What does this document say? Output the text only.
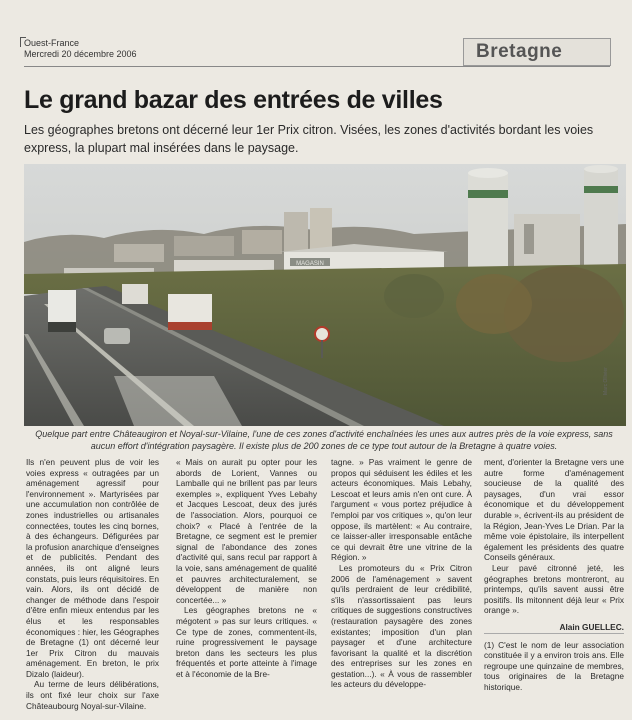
Ouest-France
Mercredi 20 décembre 2006	Bretagne
Le grand bazar des entrées de villes

Les géographes bretons ont décerné leur 1er Prix citron. Visées, les zones d'activités bordant les voies express, la plupart mal insérées dans le paysage.

MAGASIN
Marc Ollivier

Quelque part entre Châteaugiron et Noyal-sur-Vilaine, l'une de ces zones d'activité enchaînées les unes aux autres près de la voie express, sans aucun effort d'intégration paysagère. Il existe plus de 200 zones de ce type tout autour de la Bretagne à quatre voies.

Ils n'en peuvent plus de voir les voies express « outragées par un aménagement agressif pour l'environnement ». Martyrisées par une accumulation non contrôlée de zones industrielles ou artisanales connectées, toutes les cinq bornes, à des échangeurs. Défigurées par la profusion anarchique d'enseignes et de publicités. Pendant des années, ils ont aligné leurs constats, puis leurs réquisitoires. En vain. Alors, ils ont décidé de changer de méthode dans l'espoir d'être enfin mieux entendus par les élus et les responsables économiques : hier, les Géographes de Bretagne (1) ont décerné leur 1er Prix Citron du mauvais aménagement. En breton, le prix Dizalo (laideur).

Au terme de leurs délibérations, ils ont fixé leur choix sur l'axe Châteaubourg Noyal-sur-Vilaine.

« Mais on aurait pu opter pour les abords de Lorient, Vannes ou Lamballe qui ne brillent pas par leurs exemples », expliquent Yves Lebahy et Jacques Lescoat, deux des jurés de l'association. Alors, pourquoi ce choix? « Placé à l'entrée de la Bretagne, ce segment est le premier signal de l'abondance des zones d'activité qui, sans recul par rapport à la voie, sans aménagement de qualité et pauvres architecturalement, se développent de manière non concertée... »

Les géographes bretons ne « mégotent » pas sur leurs critiques. « Ce type de zones, commentent-ils, ruine progressivement le paysage breton dans les secteurs les plus fréquentés et porte atteinte à l'image et à l'économie de la Bre-

tagne. » Pas vraiment le genre de propos qui séduisent les édiles et les acteurs économiques. Mais Lebahy, Lescoat et leurs amis n'en ont cure. À l'argument « vous portez préjudice à l'emploi par vos critiques », qu'on leur oppose, ils martèlent: « Au contraire, ce laisser-aller irresponsable entâche ce qui devrait être une vitrine de la Région. »

Les promoteurs du « Prix Citron 2006 de l'aménagement » savent qu'ils perdraient de leur crédibilité, s'ils n'assortissaient pas leurs critiques de suggestions constructives (restauration paysagère des zones existantes; imposition d'un plan paysager et d'une architecture favorisant la qualité et la discrétion des entreprises sur les zones en gestation...). « À vous de rassembler les acteurs du développe-

ment, d'orienter la Bretagne vers une autre forme d'aménagement soucieuse de la qualité des paysages, d'un vrai essor économique et du développement durable », écrivent-ils au président de la Région, Jean-Yves Le Drian. Par la même voie épistolaire, ils interpellent également les présidents des quatre Conseils généraux.

Leur pavé citronné jeté, les géographes bretons montreront, au printemps, qu'ils savent aussi être positifs. Ils mitonnent déjà leur « Prix orange ».

Alain GUELLEC.

(1) C'est le nom de leur association constituée il y a environ trois ans. Elle regroupe une quinzaine de membres, tous originaires de la Bretagne historique.
